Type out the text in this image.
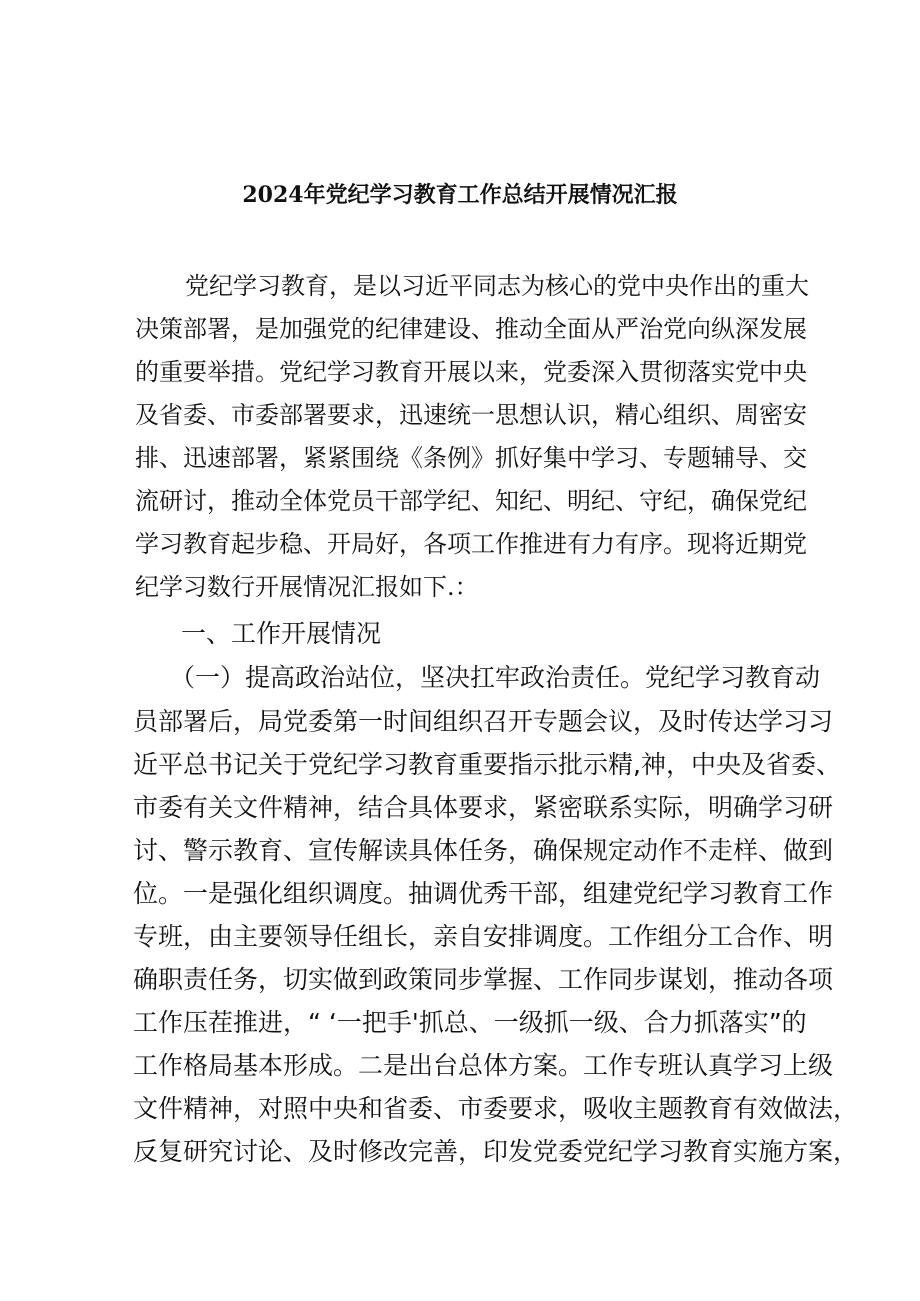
2024年党纪学习教育工作总结开展情况汇报

党纪学习教育，是以习近平同志为核心的党中央作出的重大

决策部署，是加强党的纪律建设、推动全面从严治党向纵深发展

的重要举措。党纪学习教育开展以来，党委深入贯彻落实党中央

及省委、市委部署要求，迅速统一思想认识，精心组织、周密安

排、迅速部署，紧紧围绕《条例》抓好集中学习、专题辅导、交

流研讨，推动全体党员干部学纪、知纪、明纪、守纪，确保党纪

学习教育起步稳、开局好，各项工作推进有力有序。现将近期党

纪学习数行开展情况汇报如下.：

一、工作开展情况

（一）提高政治站位，坚决扛牢政治责任。党纪学习教育动

员部署后，局党委第一时间组织召开专题会议，及时传达学习习

近平总书记关于党纪学习教育重要指示批示精,神，中央及省委、

市委有关文件精神，结合具体要求，紧密联系实际，明确学习研

讨、警示教育、宣传解读具体任务，确保规定动作不走样、做到

位。一是强化组织调度。抽调优秀干部，组建党纪学习教育工作

专班，由主要领导任组长，亲自安排调度。工作组分工合作、明

确职责任务，切实做到政策同步掌握、工作同步谋划，推动各项

工作压茬推进，“ ‘一把手'抓总、一级抓一级、合力抓落实”的

工作格局基本形成。二是出台总体方案。工作专班认真学习上级

文件精神，对照中央和省委、市委要求，吸收主题教育有效做法，

反复研究讨论、及时修改完善，印发党委党纪学习教育实施方案，
